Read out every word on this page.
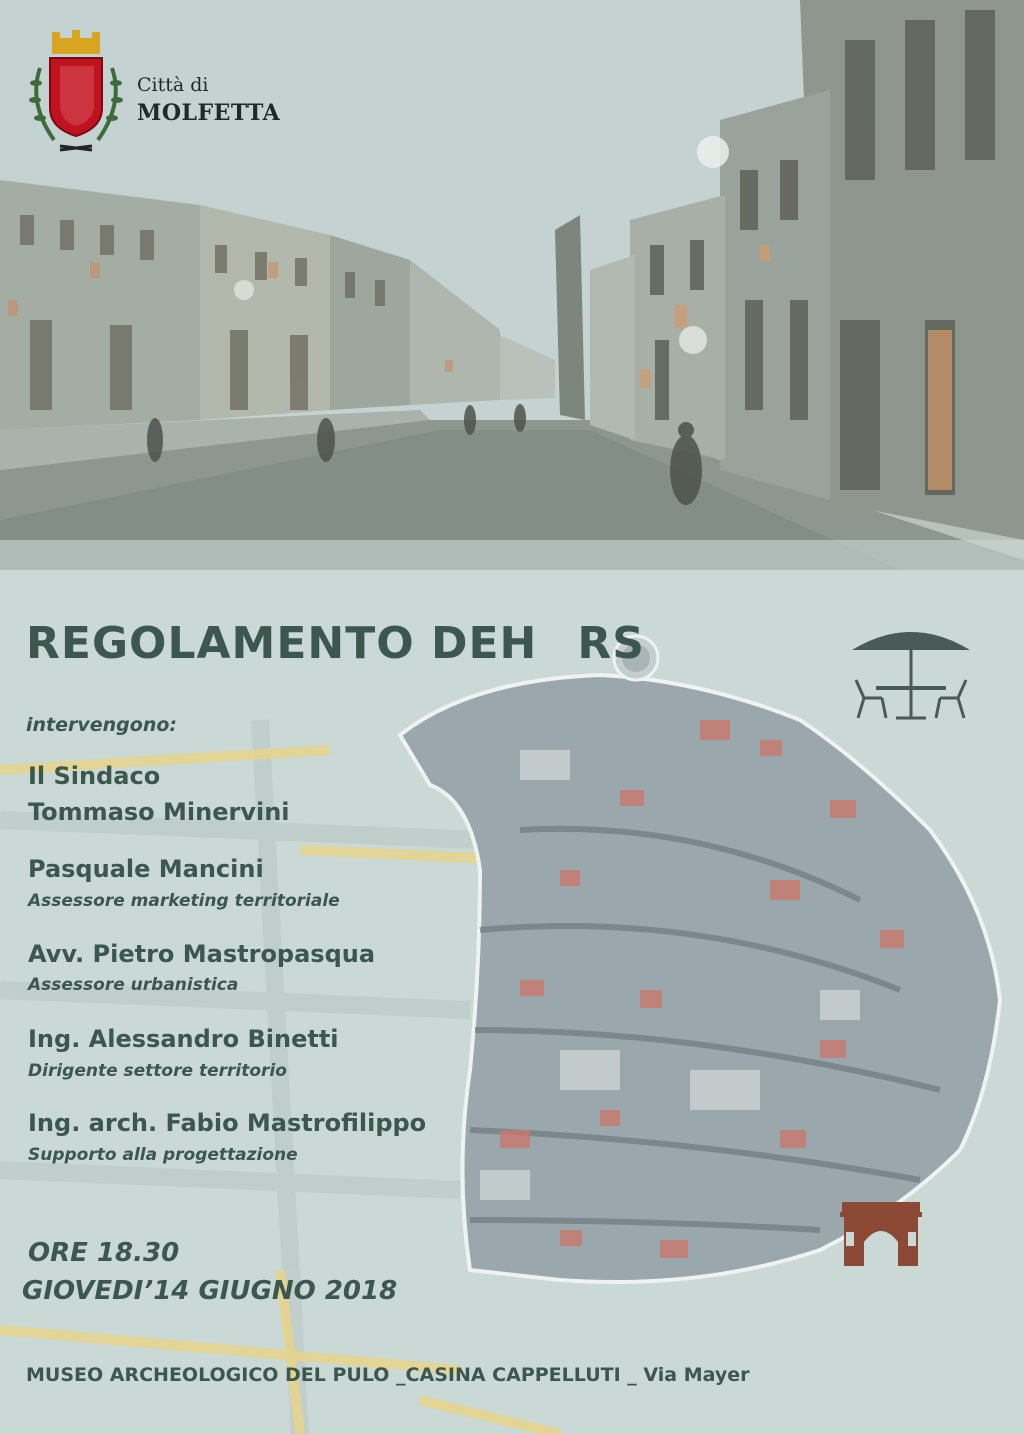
Città di
MOLFETTA
REGOLAMENTO DEH RS
intervengono:
Il Sindaco
Tommaso Minervini
Pasquale Mancini
Assessore marketing territoriale
Avv. Pietro Mastropasqua
Assessore urbanistica
Ing. Alessandro Binetti
Dirigente settore territorio
Ing. arch. Fabio Mastrofilippo
Supporto alla progettazione
ORE 18.30
GIOVEDI’14 GIUGNO 2018
MUSEO ARCHEOLOGICO DEL PULO _CASINA CAPPELLUTI _ Via Mayer
